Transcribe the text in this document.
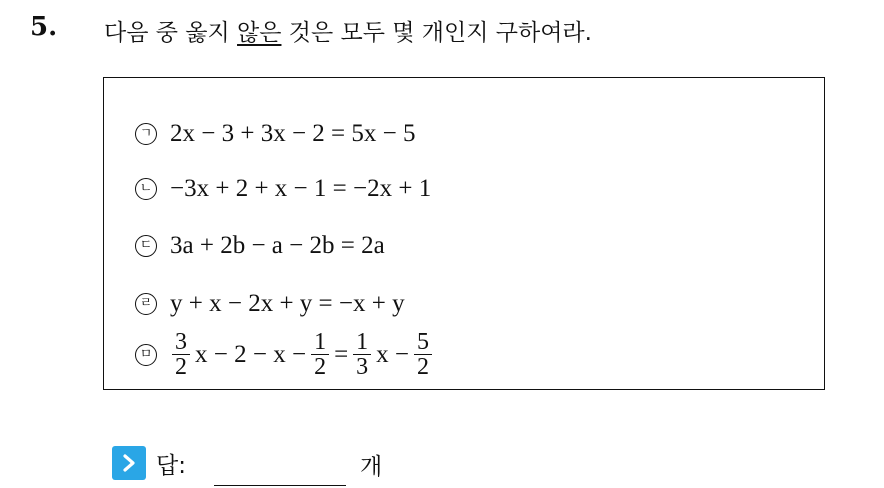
5. 다음 중 옳지 않은 것은 모두 몇 개인지 구하여라.
ㄱ 2x − 3 + 3x − 2 = 5x − 5
ㄴ −3x + 2 + x − 1 = −2x + 1
ㄷ 3a + 2b − a − 2b = 2a
ㄹ y + x − 2x + y = −x + y
ㅁ $\frac{3}{2}$ $x - 2 - x - \frac{1}{2} = \frac{1}{3}$ $x - \frac{5}{2}$
답:	개
